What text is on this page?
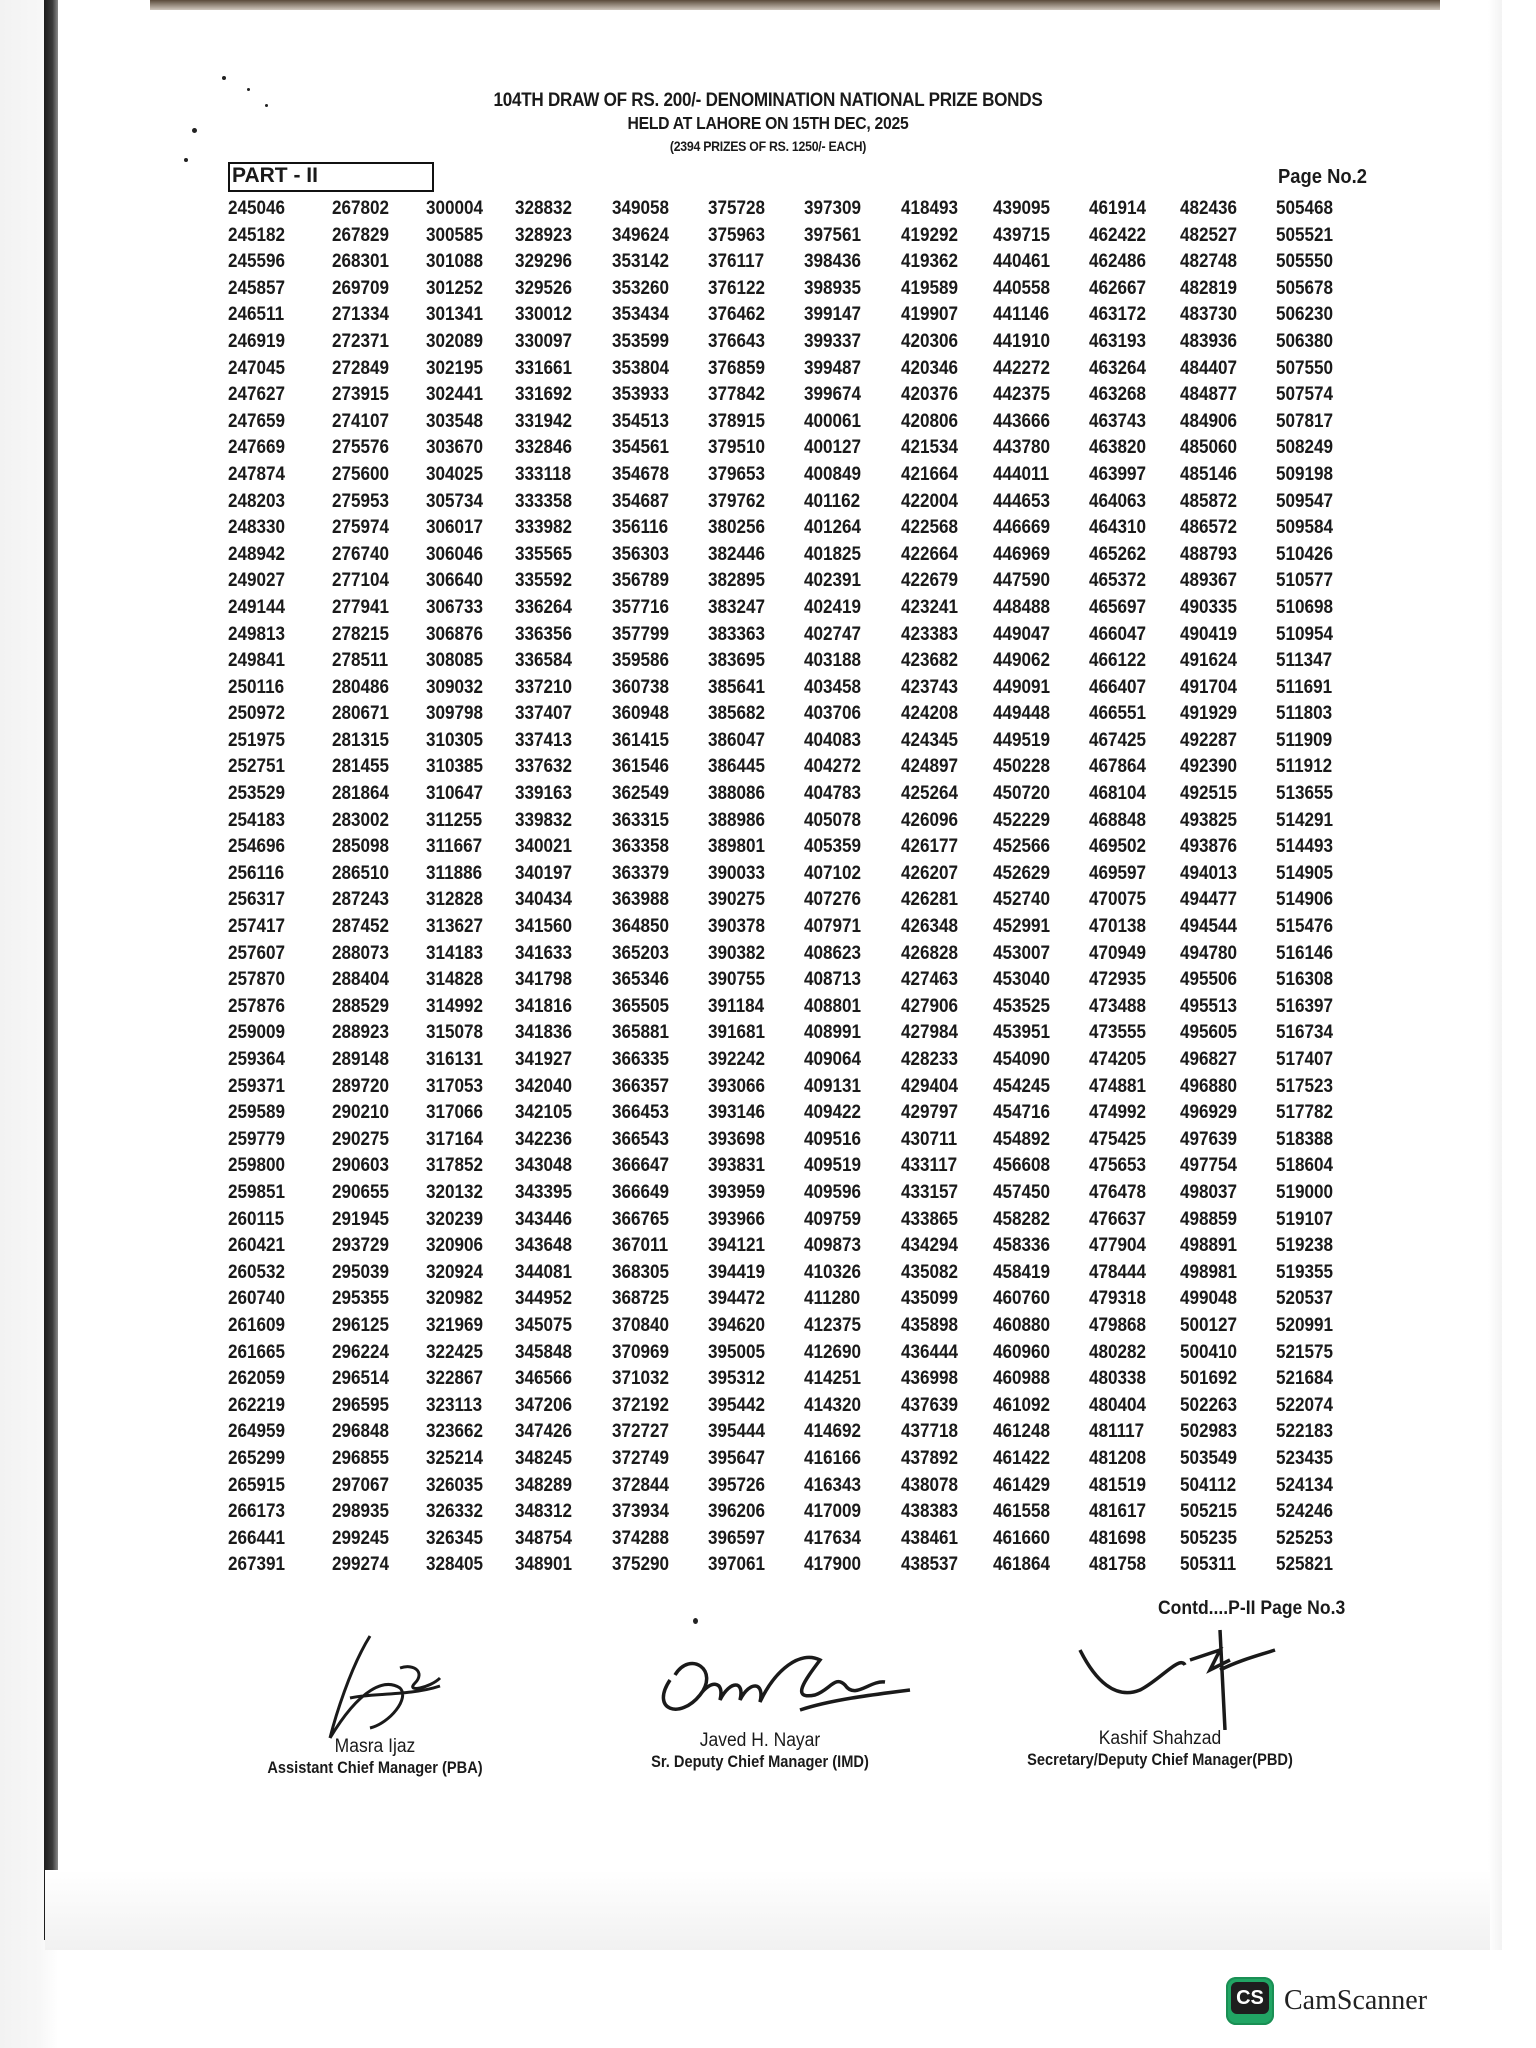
104TH DRAW OF RS. 200/- DENOMINATION NATIONAL PRIZE BONDS
HELD AT LAHORE ON 15TH DEC, 2025
(2394 PRIZES OF RS. 1250/- EACH)
PART - II	Page No.2
245046
245182
245596
245857
246511
246919
247045
247627
247659
247669
247874
248203
248330
248942
249027
249144
249813
249841
250116
250972
251975
252751
253529
254183
254696
256116
256317
257417
257607
257870
257876
259009
259364
259371
259589
259779
259800
259851
260115
260421
260532
260740
261609
261665
262059
262219
264959
265299
265915
266173
266441
267391
267802
267829
268301
269709
271334
272371
272849
273915
274107
275576
275600
275953
275974
276740
277104
277941
278215
278511
280486
280671
281315
281455
281864
283002
285098
286510
287243
287452
288073
288404
288529
288923
289148
289720
290210
290275
290603
290655
291945
293729
295039
295355
296125
296224
296514
296595
296848
296855
297067
298935
299245
299274
300004
300585
301088
301252
301341
302089
302195
302441
303548
303670
304025
305734
306017
306046
306640
306733
306876
308085
309032
309798
310305
310385
310647
311255
311667
311886
312828
313627
314183
314828
314992
315078
316131
317053
317066
317164
317852
320132
320239
320906
320924
320982
321969
322425
322867
323113
323662
325214
326035
326332
326345
328405
328832
328923
329296
329526
330012
330097
331661
331692
331942
332846
333118
333358
333982
335565
335592
336264
336356
336584
337210
337407
337413
337632
339163
339832
340021
340197
340434
341560
341633
341798
341816
341836
341927
342040
342105
342236
343048
343395
343446
343648
344081
344952
345075
345848
346566
347206
347426
348245
348289
348312
348754
348901
349058
349624
353142
353260
353434
353599
353804
353933
354513
354561
354678
354687
356116
356303
356789
357716
357799
359586
360738
360948
361415
361546
362549
363315
363358
363379
363988
364850
365203
365346
365505
365881
366335
366357
366453
366543
366647
366649
366765
367011
368305
368725
370840
370969
371032
372192
372727
372749
372844
373934
374288
375290
375728
375963
376117
376122
376462
376643
376859
377842
378915
379510
379653
379762
380256
382446
382895
383247
383363
383695
385641
385682
386047
386445
388086
388986
389801
390033
390275
390378
390382
390755
391184
391681
392242
393066
393146
393698
393831
393959
393966
394121
394419
394472
394620
395005
395312
395442
395444
395647
395726
396206
396597
397061
397309
397561
398436
398935
399147
399337
399487
399674
400061
400127
400849
401162
401264
401825
402391
402419
402747
403188
403458
403706
404083
404272
404783
405078
405359
407102
407276
407971
408623
408713
408801
408991
409064
409131
409422
409516
409519
409596
409759
409873
410326
411280
412375
412690
414251
414320
414692
416166
416343
417009
417634
417900
418493
419292
419362
419589
419907
420306
420346
420376
420806
421534
421664
422004
422568
422664
422679
423241
423383
423682
423743
424208
424345
424897
425264
426096
426177
426207
426281
426348
426828
427463
427906
427984
428233
429404
429797
430711
433117
433157
433865
434294
435082
435099
435898
436444
436998
437639
437718
437892
438078
438383
438461
438537
439095
439715
440461
440558
441146
441910
442272
442375
443666
443780
444011
444653
446669
446969
447590
448488
449047
449062
449091
449448
449519
450228
450720
452229
452566
452629
452740
452991
453007
453040
453525
453951
454090
454245
454716
454892
456608
457450
458282
458336
458419
460760
460880
460960
460988
461092
461248
461422
461429
461558
461660
461864
461914
462422
462486
462667
463172
463193
463264
463268
463743
463820
463997
464063
464310
465262
465372
465697
466047
466122
466407
466551
467425
467864
468104
468848
469502
469597
470075
470138
470949
472935
473488
473555
474205
474881
474992
475425
475653
476478
476637
477904
478444
479318
479868
480282
480338
480404
481117
481208
481519
481617
481698
481758
482436
482527
482748
482819
483730
483936
484407
484877
484906
485060
485146
485872
486572
488793
489367
490335
490419
491624
491704
491929
492287
492390
492515
493825
493876
494013
494477
494544
494780
495506
495513
495605
496827
496880
496929
497639
497754
498037
498859
498891
498981
499048
500127
500410
501692
502263
502983
503549
504112
505215
505235
505311
505468
505521
505550
505678
506230
506380
507550
507574
507817
508249
509198
509547
509584
510426
510577
510698
510954
511347
511691
511803
511909
511912
513655
514291
514493
514905
514906
515476
516146
516308
516397
516734
517407
517523
517782
518388
518604
519000
519107
519238
519355
520537
520991
521575
521684
522074
522183
523435
524134
524246
525253
525821
Contd....P-II Page No.3
Masra Ijaz
Assistant Chief Manager (PBA)
Javed H. Nayar
Sr. Deputy Chief Manager (IMD)
Kashif Shahzad
Secretary/Deputy Chief Manager(PBD)
CS CamScanner
